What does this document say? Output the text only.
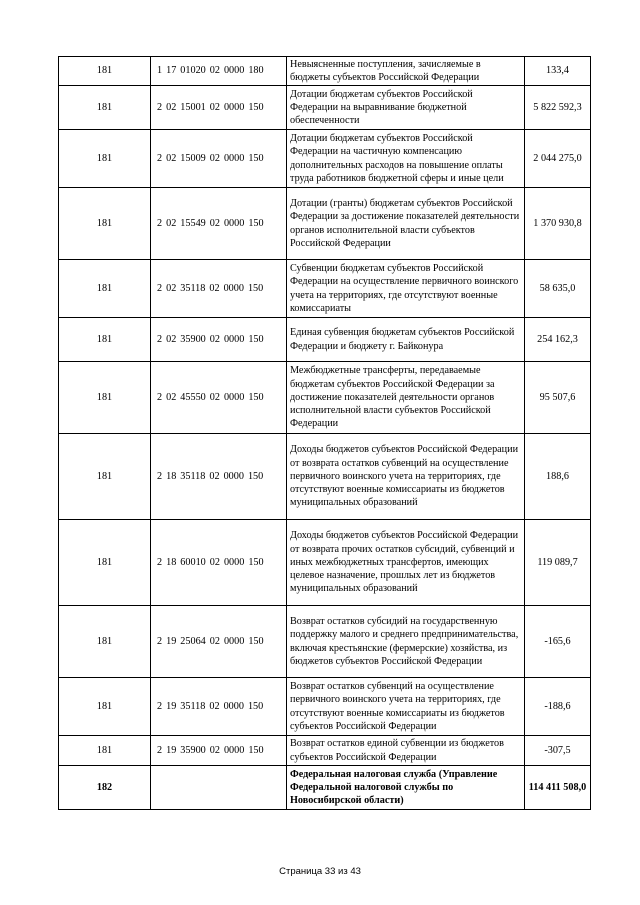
181	1 17 01020 02 0000 180	Невыясненные поступления, зачисляемые в бюджеты субъектов Российской Федерации	133,4
181	2 02 15001 02 0000 150	Дотации бюджетам субъектов Российской Федерации на выравнивание бюджетной обеспеченности	5 822 592,3
181	2 02 15009 02 0000 150	Дотации бюджетам субъектов Российской Федерации на частичную компенсацию дополнительных расходов на повышение оплаты труда работников бюджетной сферы и иные цели	2 044 275,0
181	2 02 15549 02 0000 150	Дотации (гранты) бюджетам субъектов Российской Федерации за достижение показателей деятельности органов исполнительной власти субъектов Российской Федерации	1 370 930,8
181	2 02 35118 02 0000 150	Субвенции бюджетам субъектов Российской Федерации на осуществление первичного воинского учета на территориях, где отсутствуют военные комиссариаты	58 635,0
181	2 02 35900 02 0000 150	Единая субвенция бюджетам субъектов Российской Федерации и бюджету г. Байконура	254 162,3
181	2 02 45550 02 0000 150	Межбюджетные трансферты, передаваемые бюджетам субъектов Российской Федерации за достижение показателей деятельности органов исполнительной власти субъектов Российской Федерации	95 507,6
181	2 18 35118 02 0000 150	Доходы бюджетов субъектов Российской Федерации от возврата остатков субвенций на осуществление первичного воинского учета на территориях, где отсутствуют военные комиссариаты из бюджетов муниципальных образований	188,6
181	2 18 60010 02 0000 150	Доходы бюджетов субъектов Российской Федерации от возврата прочих остатков субсидий, субвенций и иных межбюджетных трансфертов, имеющих целевое назначение, прошлых лет из бюджетов муниципальных образований	119 089,7
181	2 19 25064 02 0000 150	Возврат остатков субсидий на государственную поддержку малого и среднего предпринимательства, включая крестьянские (фермерские) хозяйства, из бюджетов субъектов Российской Федерации	-165,6
181	2 19 35118 02 0000 150	Возврат остатков субвенций на осуществление первичного воинского учета на территориях, где отсутствуют военные комиссариаты из бюджетов субъектов Российской Федерации	-188,6
181	2 19 35900 02 0000 150	Возврат остатков единой субвенции из бюджетов субъектов Российской Федерации	-307,5
182		Федеральная налоговая служба (Управление Федеральной налоговой службы по Новосибирской области)	114 411 508,0
Страница 33 из 43
